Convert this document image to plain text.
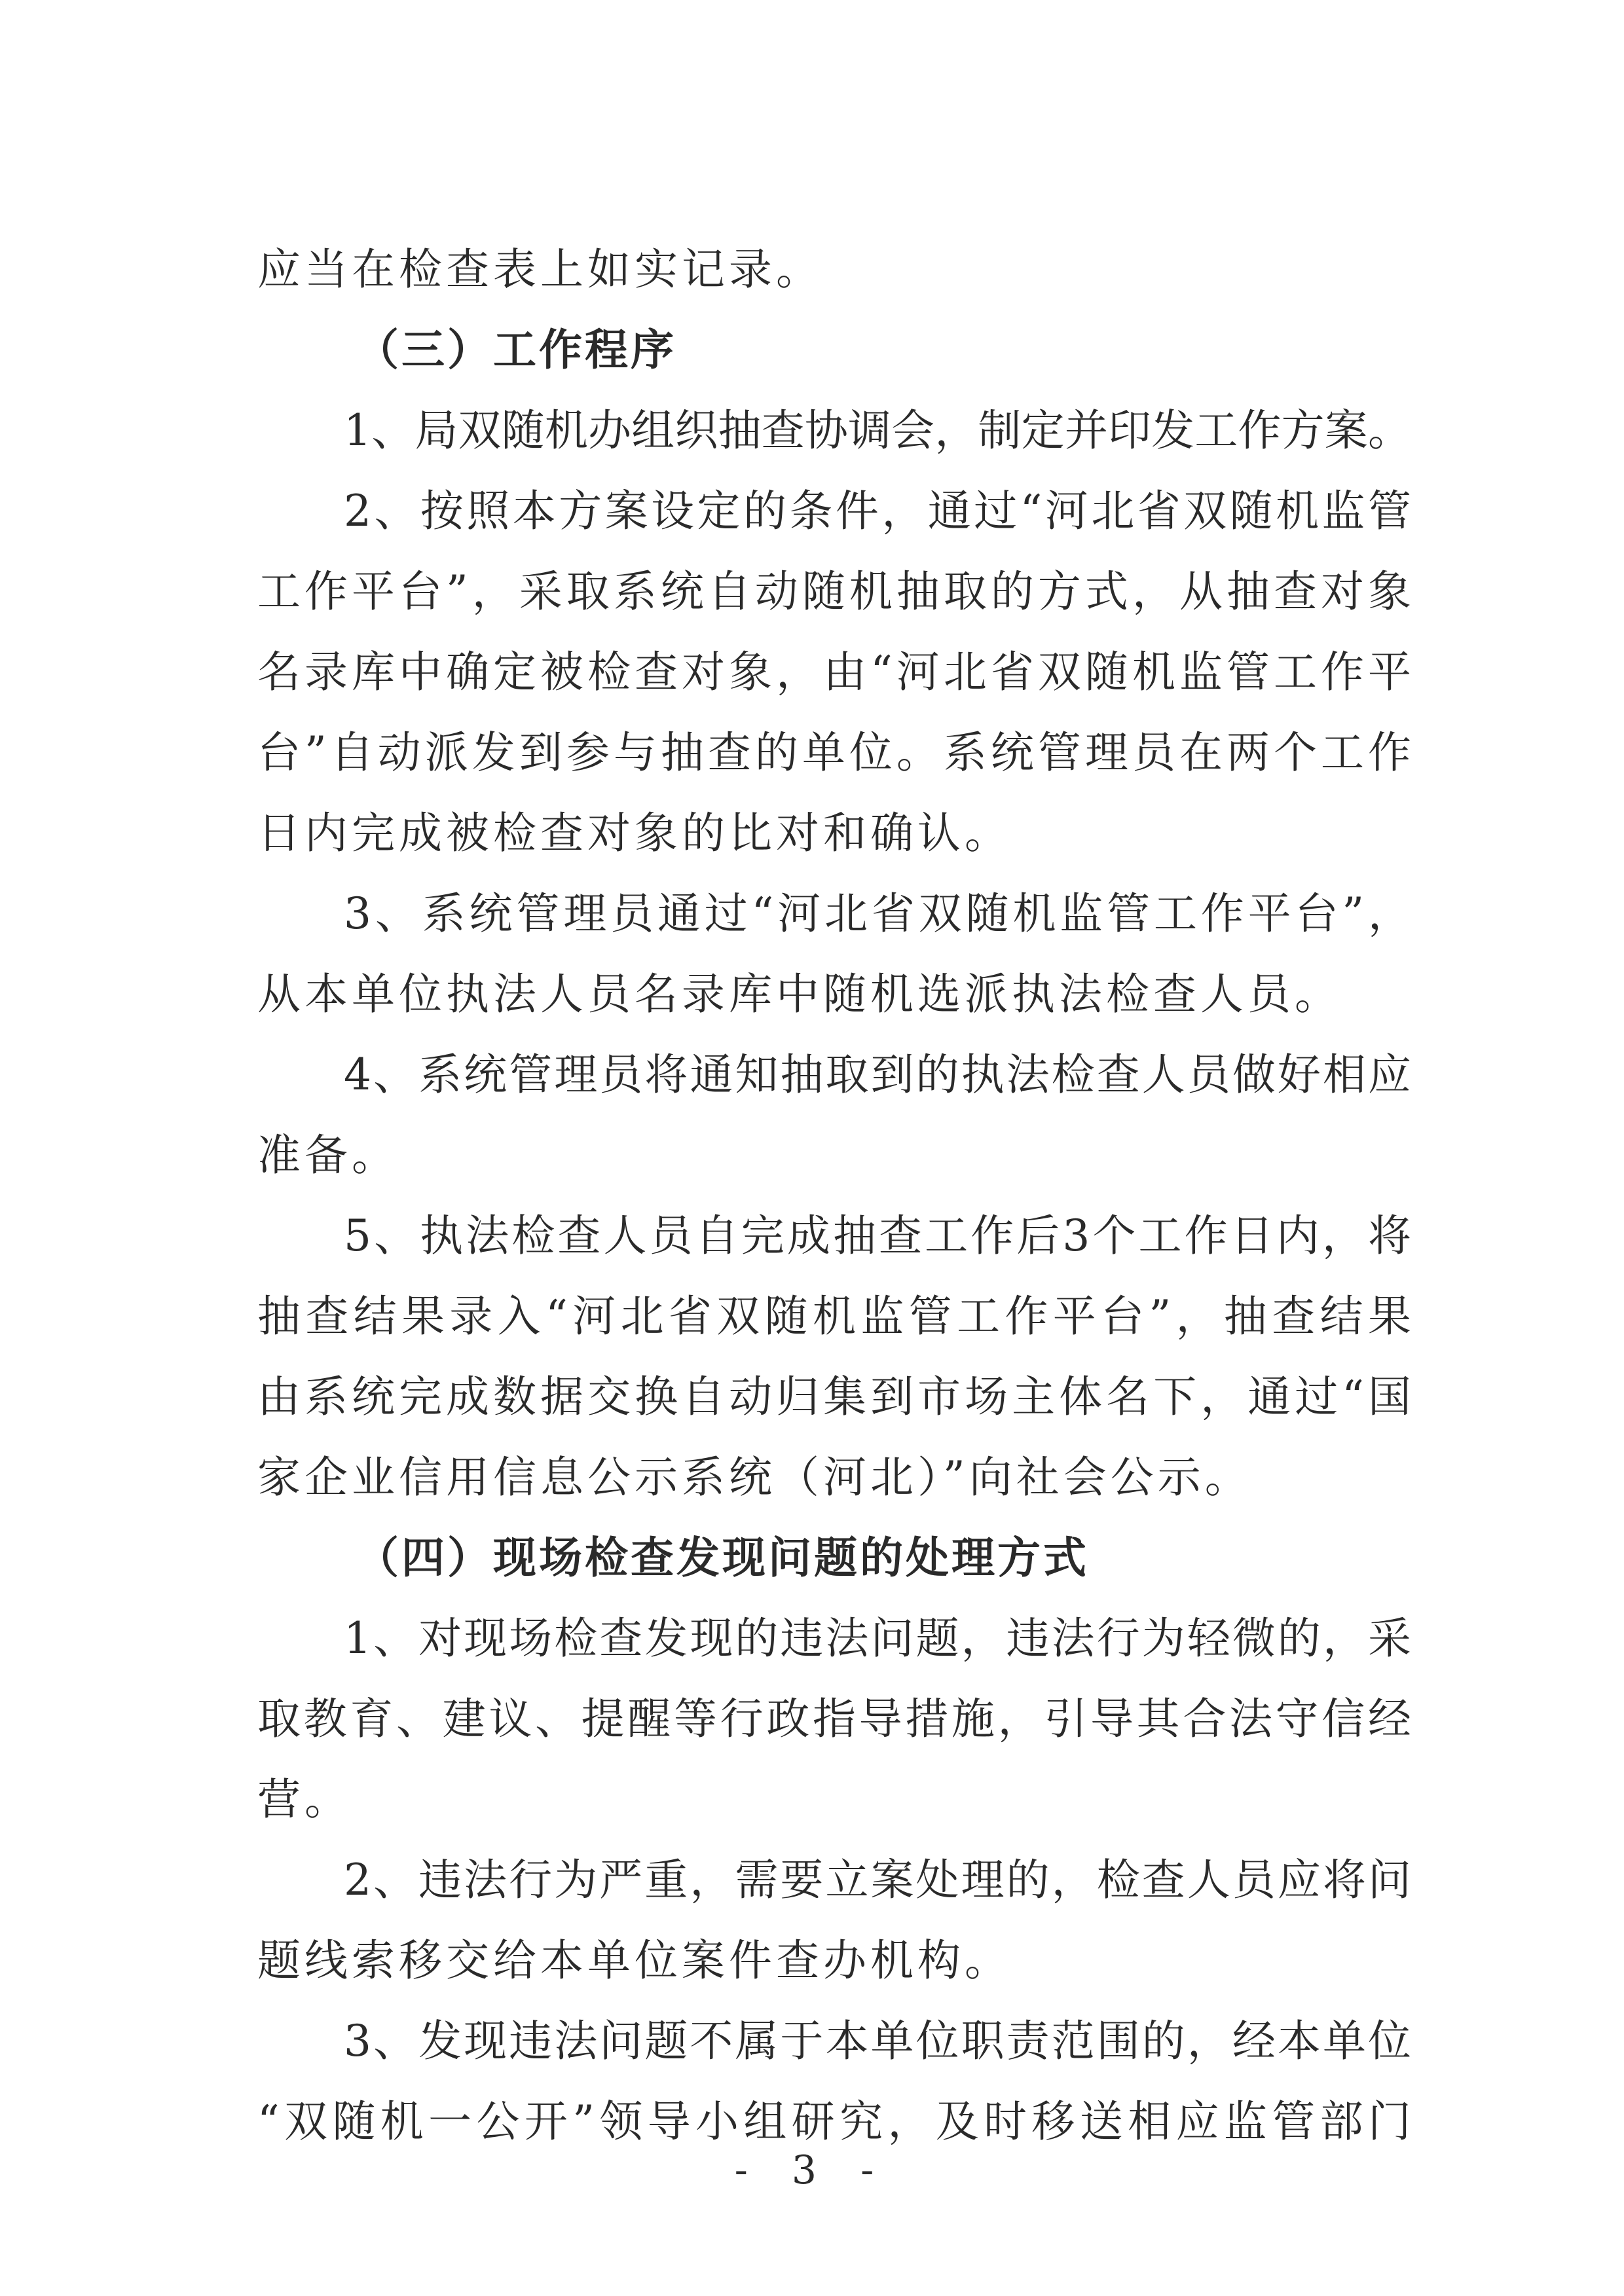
应当在检查表上如实记录。
（三）工作程序
1、局双随机办组织抽查协调会，制定并印发工作方案。
2、按照本方案设定的条件，通过“河北省双随机监管
工作平台”，采取系统自动随机抽取的方式，从抽查对象
名录库中确定被检查对象，由“河北省双随机监管工作平
台”自动派发到参与抽查的单位。系统管理员在两个工作
日内完成被检查对象的比对和确认。
3、系统管理员通过“河北省双随机监管工作平台”，
从本单位执法人员名录库中随机选派执法检查人员。
4、系统管理员将通知抽取到的执法检查人员做好相应
准备。
5、执法检查人员自完成抽查工作后3个工作日内，将
抽查结果录入“河北省双随机监管工作平台”，抽查结果
由系统完成数据交换自动归集到市场主体名下，通过“国
家企业信用信息公示系统（河北）”向社会公示。
（四）现场检查发现问题的处理方式
1、对现场检查发现的违法问题，违法行为轻微的，采
取教育、建议、提醒等行政指导措施，引导其合法守信经
营。
2、违法行为严重，需要立案处理的，检查人员应将问
题线索移交给本单位案件查办机构。
3、发现违法问题不属于本单位职责范围的，经本单位
“双随机一公开”领导小组研究，及时移送相应监管部门
- 3 -
